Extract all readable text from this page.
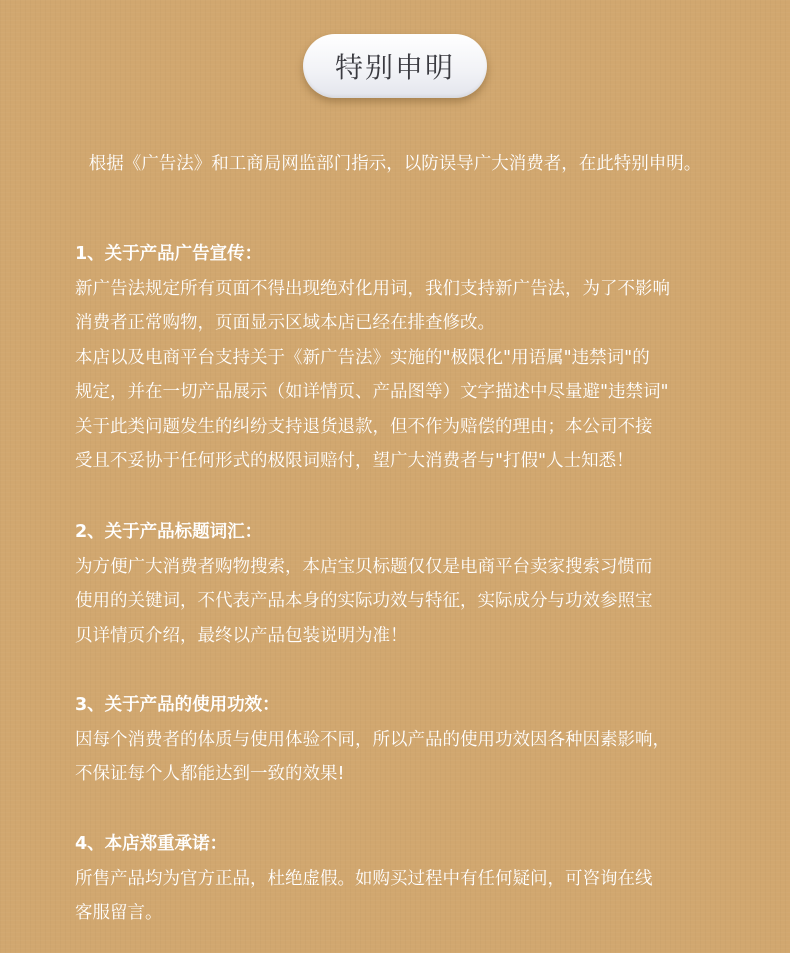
特别申明
根据《广告法》和工商局网监部门指示，以防误导广大消费者，在此特别申明。
1、关于产品广告宣传：
新广告法规定所有页面不得出现绝对化用词，我们支持新广告法，为了不影响
消费者正常购物，页面显示区域本店已经在排查修改。
本店以及电商平台支持关于《新广告法》实施的"极限化"用语属"违禁词"的
规定，并在一切产品展示（如详情页、产品图等）文字描述中尽量避"违禁词"
关于此类问题发生的纠纷支持退货退款，但不作为赔偿的理由；本公司不接
受且不妥协于任何形式的极限词赔付，望广大消费者与"打假"人士知悉！
2、关于产品标题词汇：
为方便广大消费者购物搜索，本店宝贝标题仅仅是电商平台卖家搜索习惯而
使用的关键词，不代表产品本身的实际功效与特征，实际成分与功效参照宝
贝详情页介绍，最终以产品包装说明为准！
3、关于产品的使用功效：
因每个消费者的体质与使用体验不同，所以产品的使用功效因各种因素影响，
不保证每个人都能达到一致的效果!
4、本店郑重承诺：
所售产品均为官方正品，杜绝虚假。如购买过程中有任何疑问，可咨询在线
客服留言。
